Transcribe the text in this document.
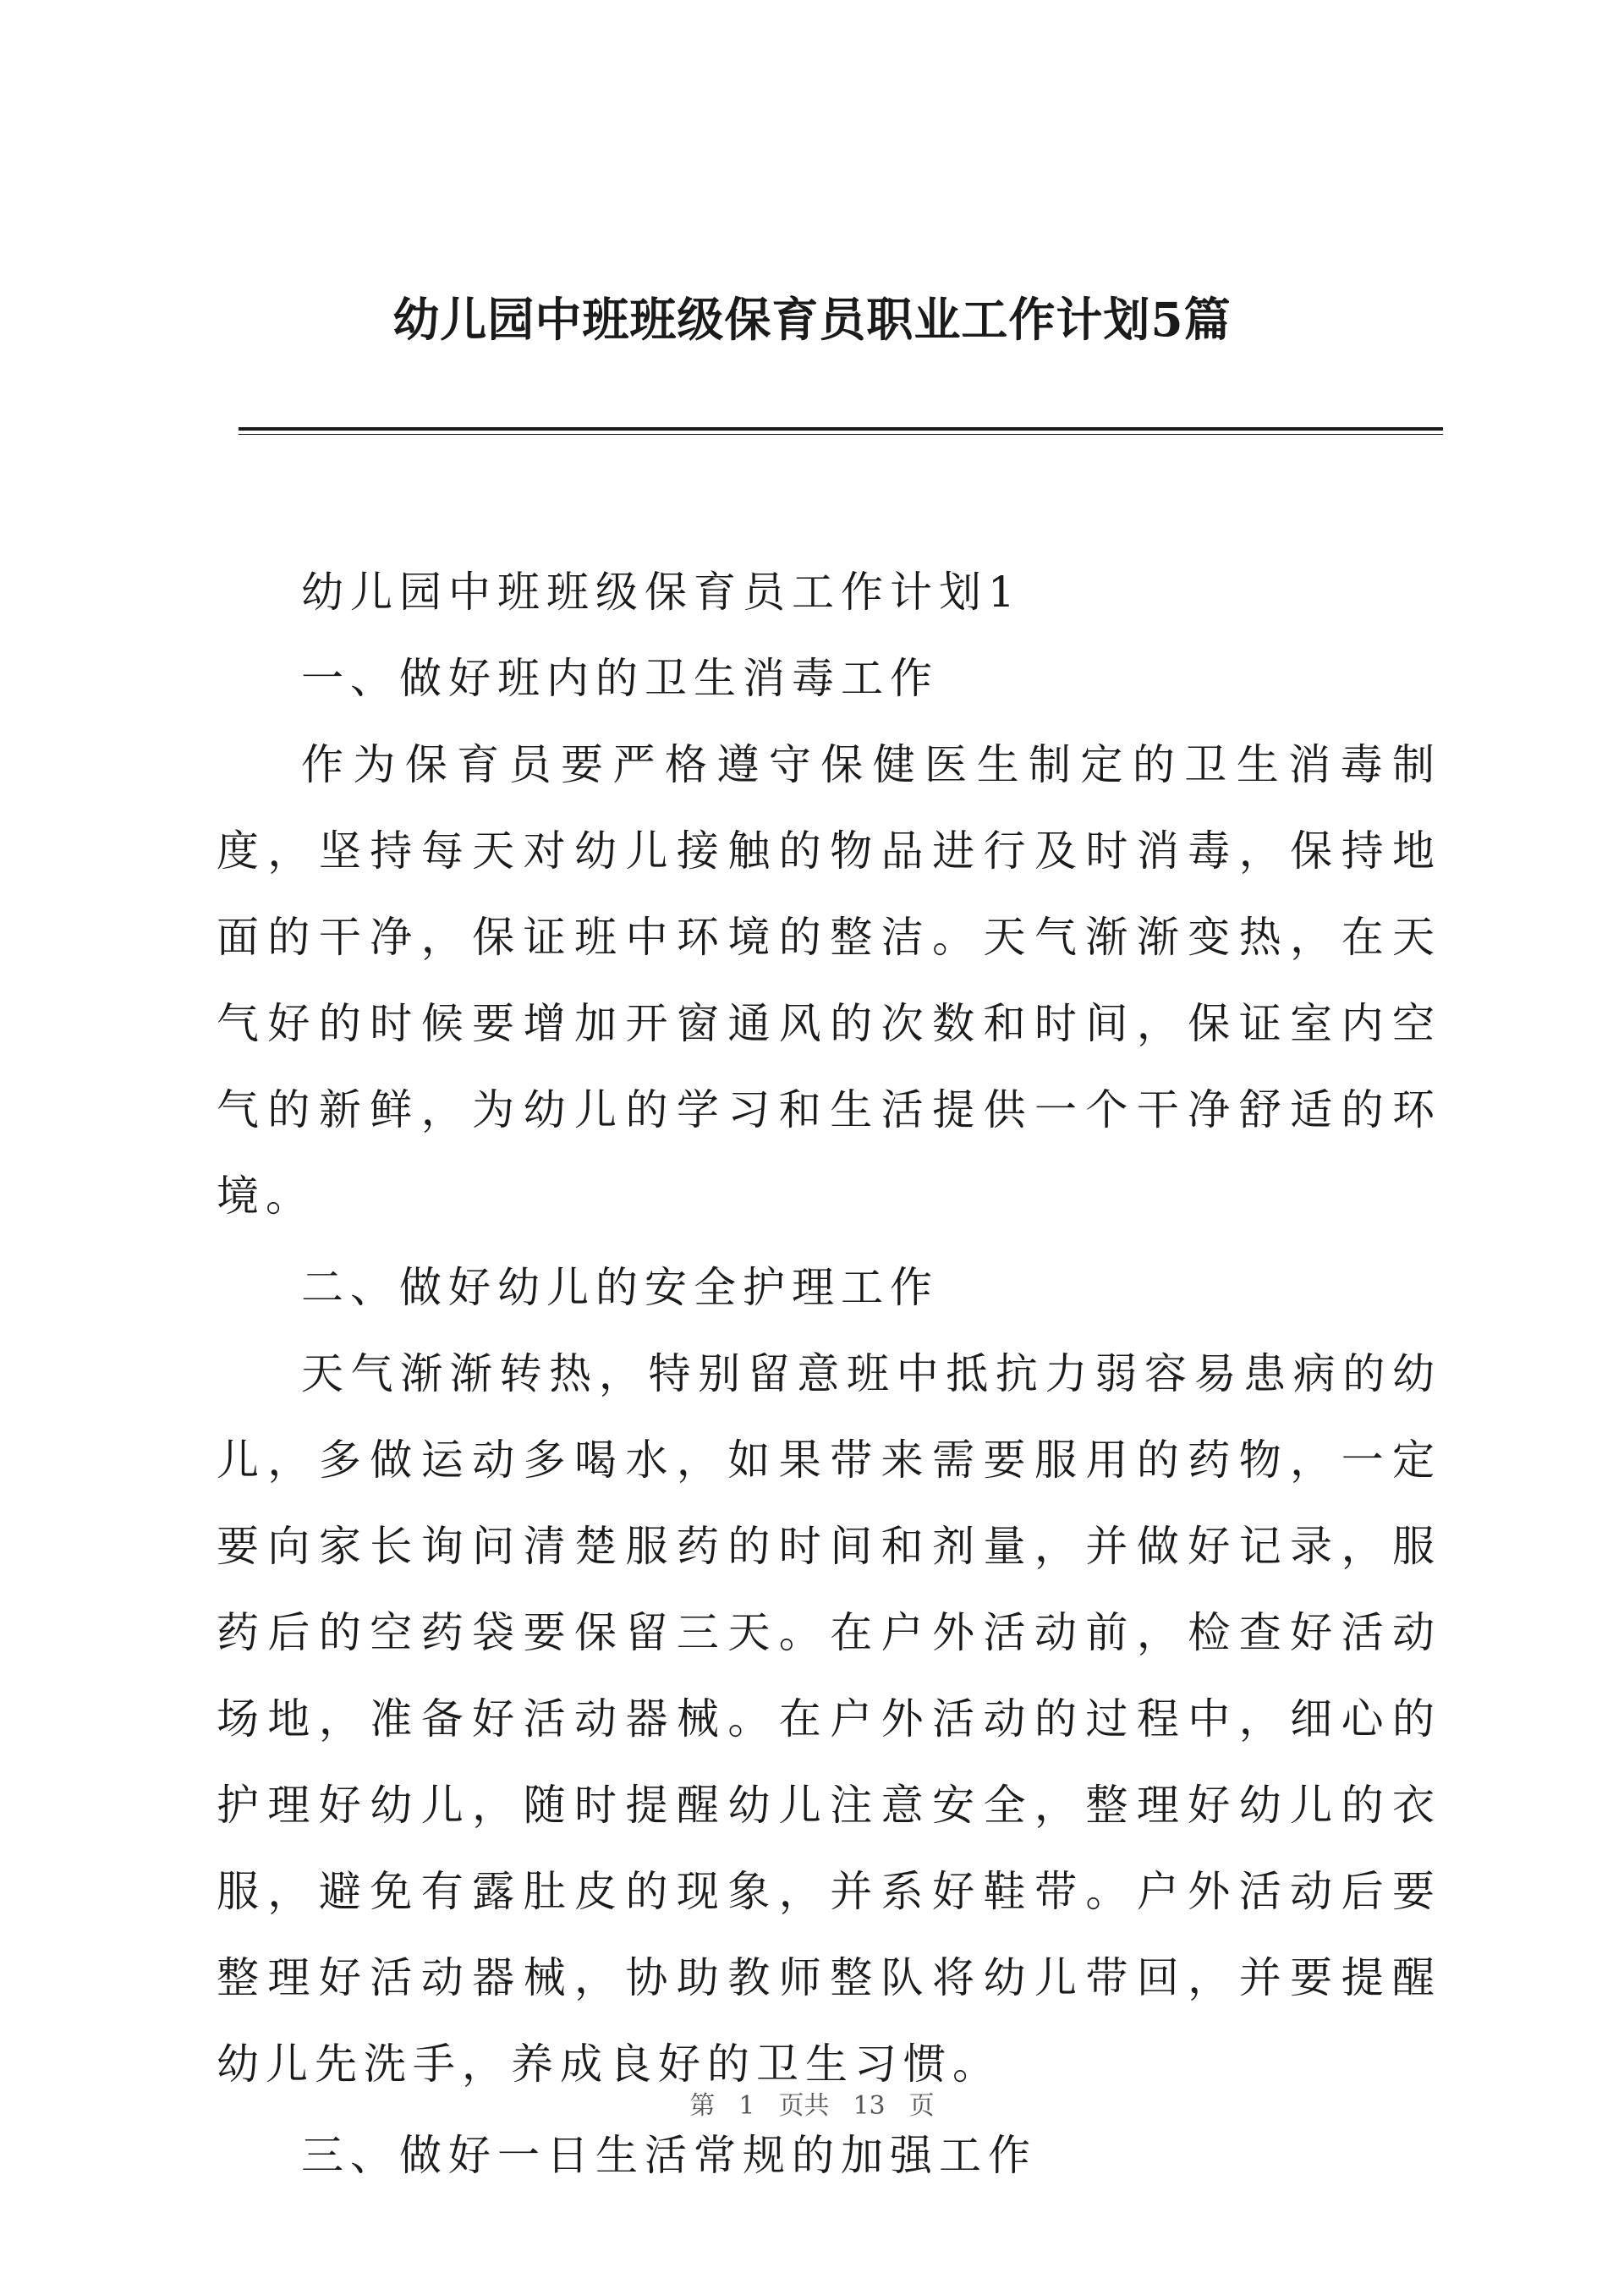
幼儿园中班班级保育员职业工作计划5篇

幼儿园中班班级保育员工作计划1

一、做好班内的卫生消毒工作

作为保育员要严格遵守保健医生制定的卫生消毒制度，坚持每天对幼儿接触的物品进行及时消毒，保持地面的干净，保证班中环境的整洁。天气渐渐变热，在天气好的时候要增加开窗通风的次数和时间，保证室内空气的新鲜，为幼儿的学习和生活提供一个干净舒适的环境。

二、做好幼儿的安全护理工作

天气渐渐转热，特别留意班中抵抗力弱容易患病的幼儿，多做运动多喝水，如果带来需要服用的药物，一定要向家长询问清楚服药的时间和剂量，并做好记录，服药后的空药袋要保留三天。在户外活动前，检查好活动场地，准备好活动器械。在户外活动的过程中，细心的护理好幼儿，随时提醒幼儿注意安全，整理好幼儿的衣服，避免有露肚皮的现象，并系好鞋带。户外活动后要整理好活动器械，协助教师整队将幼儿带回，并要提醒幼儿先洗手，养成良好的卫生习惯。

三、做好一日生活常规的加强工作

第 1 页共 13 页
